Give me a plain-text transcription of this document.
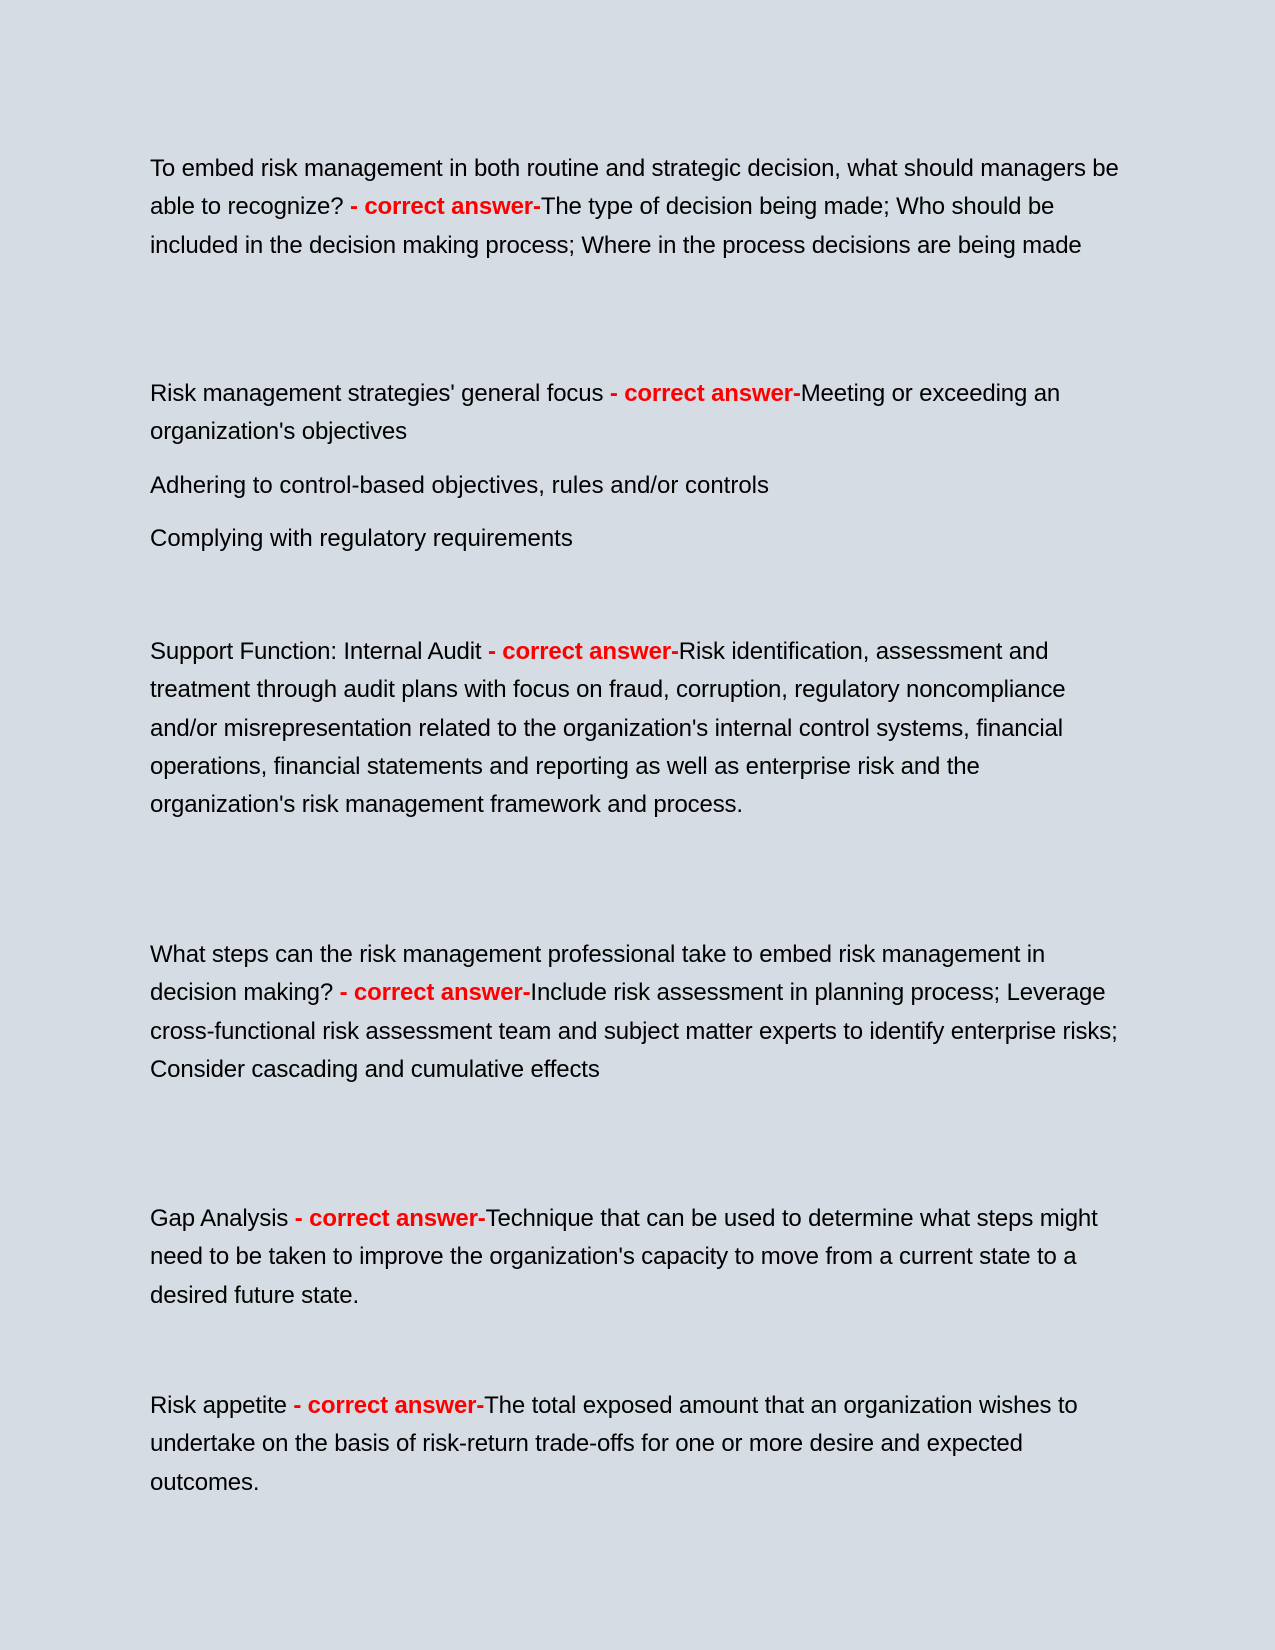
To embed risk management in both routine and strategic decision, what should managers be able to recognize? - correct answer-The type of decision being made; Who should be included in the decision making process; Where in the process decisions are being made

Risk management strategies' general focus - correct answer-Meeting or exceeding an organization's objectives

Adhering to control-based objectives, rules and/or controls

Complying with regulatory requirements

Support Function: Internal Audit - correct answer-Risk identification, assessment and treatment through audit plans with focus on fraud, corruption, regulatory noncompliance and/or misrepresentation related to the organization's internal control systems, financial operations, financial statements and reporting as well as enterprise risk and the organization's risk management framework and process.

What steps can the risk management professional take to embed risk management in decision making? - correct answer-Include risk assessment in planning process; Leverage cross-functional risk assessment team and subject matter experts to identify enterprise risks; Consider cascading and cumulative effects

Gap Analysis - correct answer-Technique that can be used to determine what steps might need to be taken to improve the organization's capacity to move from a current state to a desired future state.

Risk appetite - correct answer-The total exposed amount that an organization wishes to undertake on the basis of risk-return trade-offs for one or more desire and expected outcomes.
